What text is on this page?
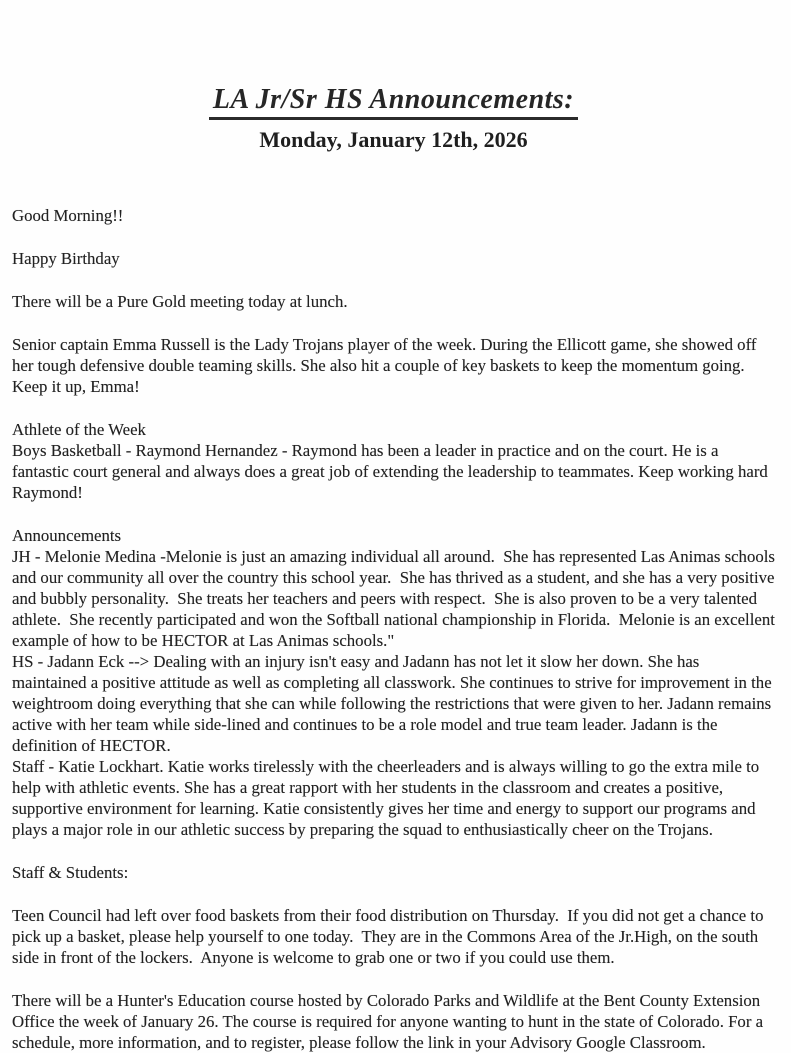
LA Jr/Sr HS Announcements:
Monday, January 12th, 2026

Good Morning!!

Happy Birthday

There will be a Pure Gold meeting today at lunch.

Senior captain Emma Russell is the Lady Trojans player of the week. During the Ellicott game, she showed off her tough defensive double teaming skills. She also hit a couple of key baskets to keep the momentum going. Keep it up, Emma!

Athlete of the Week

Boys Basketball - Raymond Hernandez - Raymond has been a leader in practice and on the court. He is a fantastic court general and always does a great job of extending the leadership to teammates. Keep working hard Raymond!

Announcements

JH - Melonie Medina -Melonie is just an amazing individual all around.  She has represented Las Animas schools and our community all over the country this school year.  She has thrived as a student, and she has a very positive and bubbly personality.  She treats her teachers and peers with respect.  She is also proven to be a very talented athlete.  She recently participated and won the Softball national championship in Florida.  Melonie is an excellent example of how to be HECTOR at Las Animas schools."

HS - Jadann Eck --> Dealing with an injury isn't easy and Jadann has not let it slow her down. She has maintained a positive attitude as well as completing all classwork. She continues to strive for improvement in the weightroom doing everything that she can while following the restrictions that were given to her. Jadann remains active with her team while side-lined and continues to be a role model and true team leader. Jadann is the definition of HECTOR.

Staff - Katie Lockhart. Katie works tirelessly with the cheerleaders and is always willing to go the extra mile to help with athletic events. She has a great rapport with her students in the classroom and creates a positive, supportive environment for learning. Katie consistently gives her time and energy to support our programs and plays a major role in our athletic success by preparing the squad to enthusiastically cheer on the Trojans.

Staff & Students:

Teen Council had left over food baskets from their food distribution on Thursday.  If you did not get a chance to pick up a basket, please help yourself to one today.  They are in the Commons Area of the Jr.High, on the south side in front of the lockers.  Anyone is welcome to grab one or two if you could use them.

There will be a Hunter's Education course hosted by Colorado Parks and Wildlife at the Bent County Extension Office the week of January 26. The course is required for anyone wanting to hunt in the state of Colorado. For a schedule, more information, and to register, please follow the link in your Advisory Google Classroom.
